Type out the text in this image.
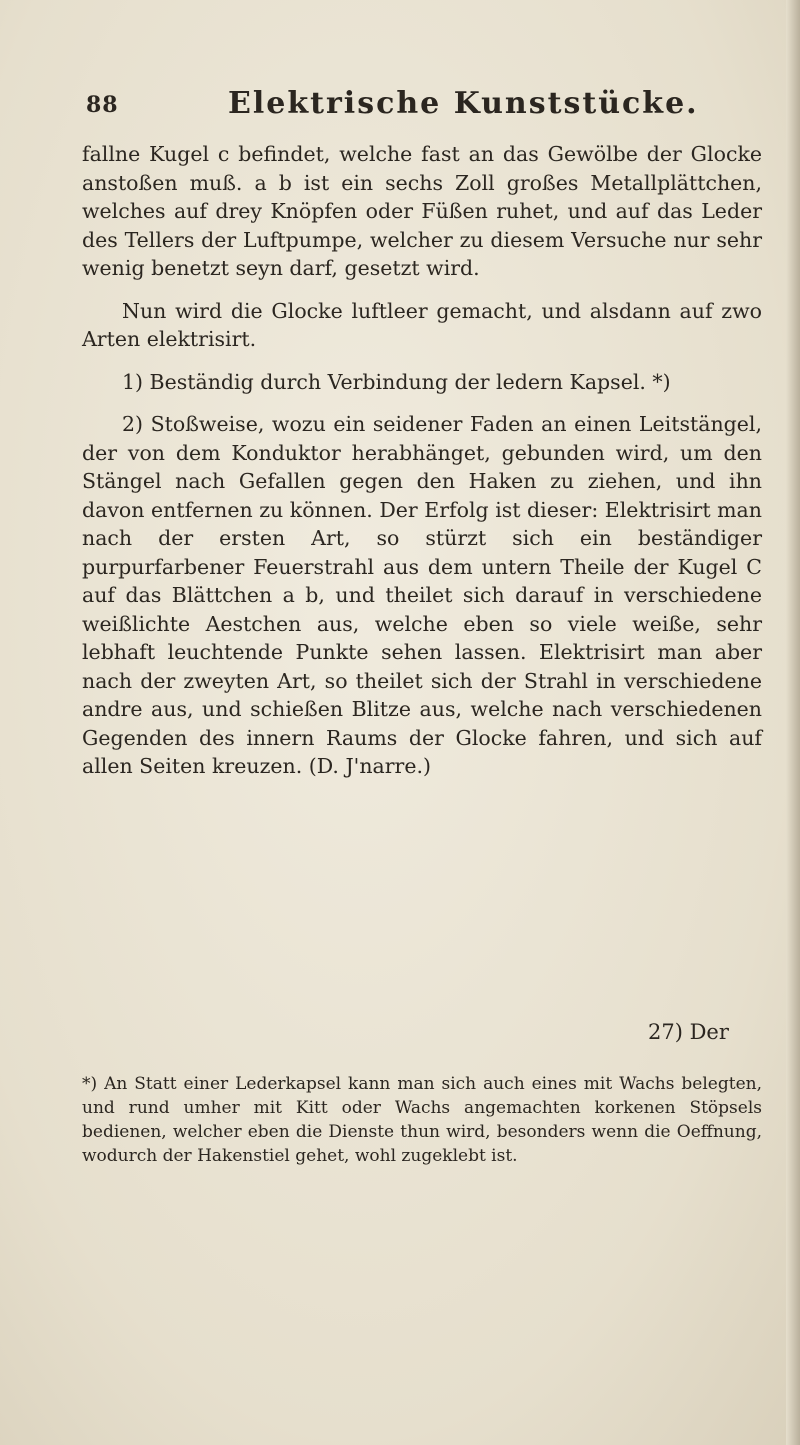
88	Elektrische Kunststücke.

fallne Kugel c befindet, welche fast an das Gewölbe der Glocke anstoßen muß. a b ist ein sechs Zoll großes Metallplättchen, welches auf drey Knöpfen oder Füßen ruhet, und auf das Leder des Tellers der Luftpumpe, welcher zu diesem Versuche nur sehr wenig benetzt seyn darf, gesetzt wird.

Nun wird die Glocke luftleer gemacht, und alsdann auf zwo Arten elektrisirt.

1) Beständig durch Verbindung der ledern Kapsel. *)

2) Stoßweise, wozu ein seidener Faden an einen Leitstängel, der von dem Konduktor herabhänget, gebunden wird, um den Stängel nach Gefallen gegen den Haken zu ziehen, und ihn davon entfernen zu können. Der Erfolg ist dieser: Elektrisirt man nach der ersten Art, so stürzt sich ein beständiger purpurfarbener Feuerstrahl aus dem untern Theile der Kugel C auf das Blättchen a b, und theilet sich darauf in verschiedene weißlichte Aestchen aus, welche eben so viele weiße, sehr lebhaft leuchtende Punkte sehen lassen. Elektrisirt man aber nach der zweyten Art, so theilet sich der Strahl in verschiedene andre aus, und schießen Blitze aus, welche nach verschiedenen Gegenden des innern Raums der Glocke fahren, und sich auf allen Seiten kreuzen. (D. J'narre.)

27) Der
*) An Statt einer Lederkapsel kann man sich auch eines mit Wachs belegten, und rund umher mit Kitt oder Wachs angemachten korkenen Stöpsels bedienen, welcher eben die Dienste thun wird, besonders wenn die Oeffnung, wodurch der Hakenstiel gehet, wohl zugeklebt ist.
